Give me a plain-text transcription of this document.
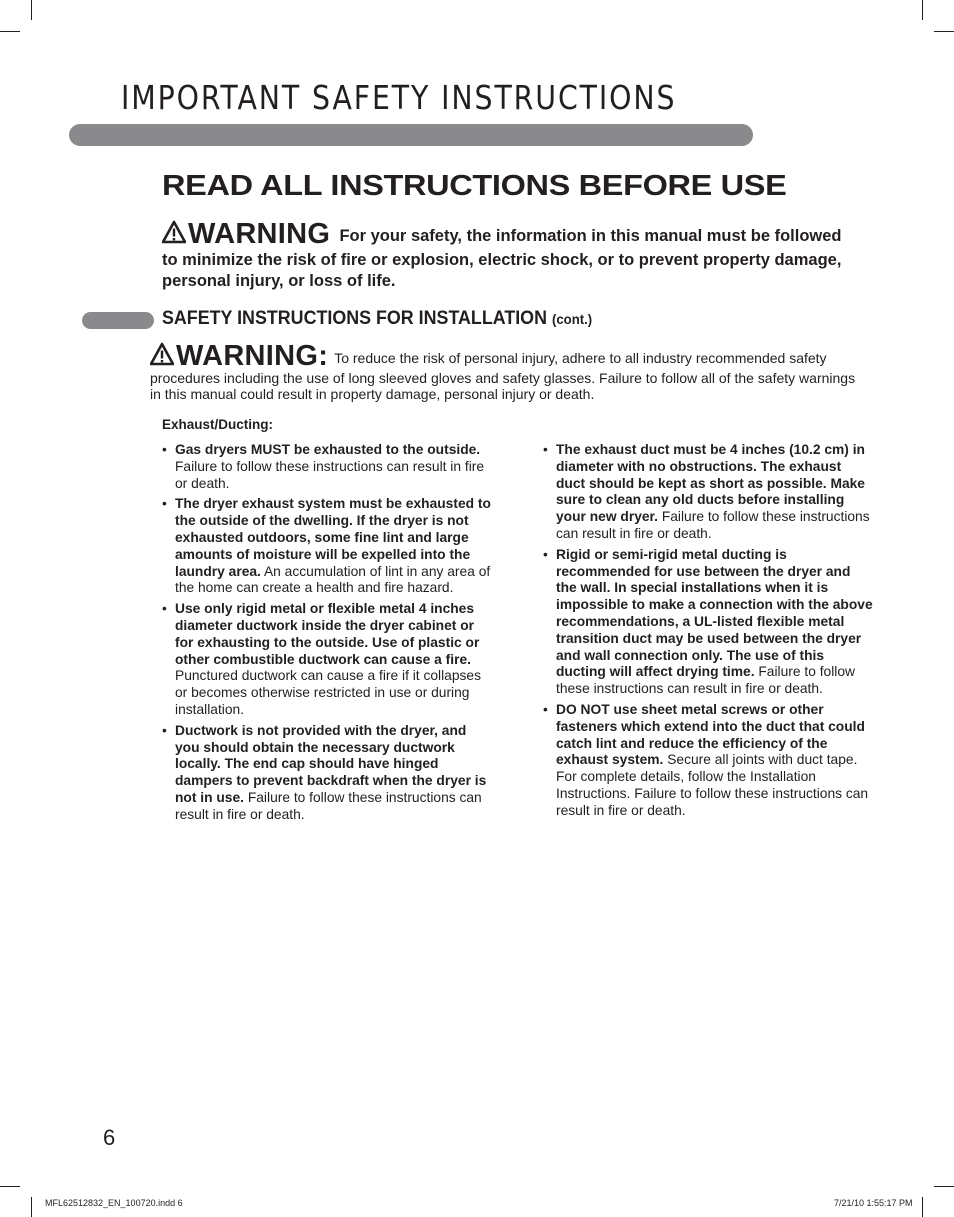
IMPORTANT SAFETY INSTRUCTIONS
READ ALL INSTRUCTIONS BEFORE USE
WARNING For your safety, the information in this manual must be followed to minimize the risk of fire or explosion, electric shock, or to prevent property damage, personal injury, or loss of life.
SAFETY INSTRUCTIONS FOR INSTALLATION (cont.)
WARNING: To reduce the risk of personal injury, adhere to all industry recommended safety procedures including the use of long sleeved gloves and safety glasses. Failure to follow all of the safety warnings in this manual could result in property damage, personal injury or death.
Exhaust/Ducting:
• Gas dryers MUST be exhausted to the outside. Failure to follow these instructions can result in fire or death.
• The dryer exhaust system must be exhausted to the outside of the dwelling. If the dryer is not exhausted outdoors, some fine lint and large amounts of moisture will be expelled into the laundry area. An accumulation of lint in any area of the home can create a health and fire hazard.
• Use only rigid metal or flexible metal 4 inches diameter ductwork inside the dryer cabinet or for exhausting to the outside. Use of plastic or other combustible ductwork can cause a fire. Punctured ductwork can cause a fire if it collapses or becomes otherwise restricted in use or during installation.
• Ductwork is not provided with the dryer, and you should obtain the necessary ductwork locally. The end cap should have hinged dampers to prevent backdraft when the dryer is not in use. Failure to follow these instructions can result in fire or death.
• The exhaust duct must be 4 inches (10.2 cm) in diameter with no obstructions. The exhaust duct should be kept as short as possible. Make sure to clean any old ducts before installing your new dryer. Failure to follow these instructions can result in fire or death.
• Rigid or semi-rigid metal ducting is recommended for use between the dryer and the wall. In special installations when it is impossible to make a connection with the above recommendations, a UL-listed flexible metal transition duct may be used between the dryer and wall connection only. The use of this ducting will affect drying time. Failure to follow these instructions can result in fire or death.
• DO NOT use sheet metal screws or other fasteners which extend into the duct that could catch lint and reduce the efficiency of the exhaust system. Secure all joints with duct tape. For complete details, follow the Installation Instructions. Failure to follow these instructions can result in fire or death.
6
MFL62512832_EN_100720.indd 6	7/21/10 1:55:17 PM
